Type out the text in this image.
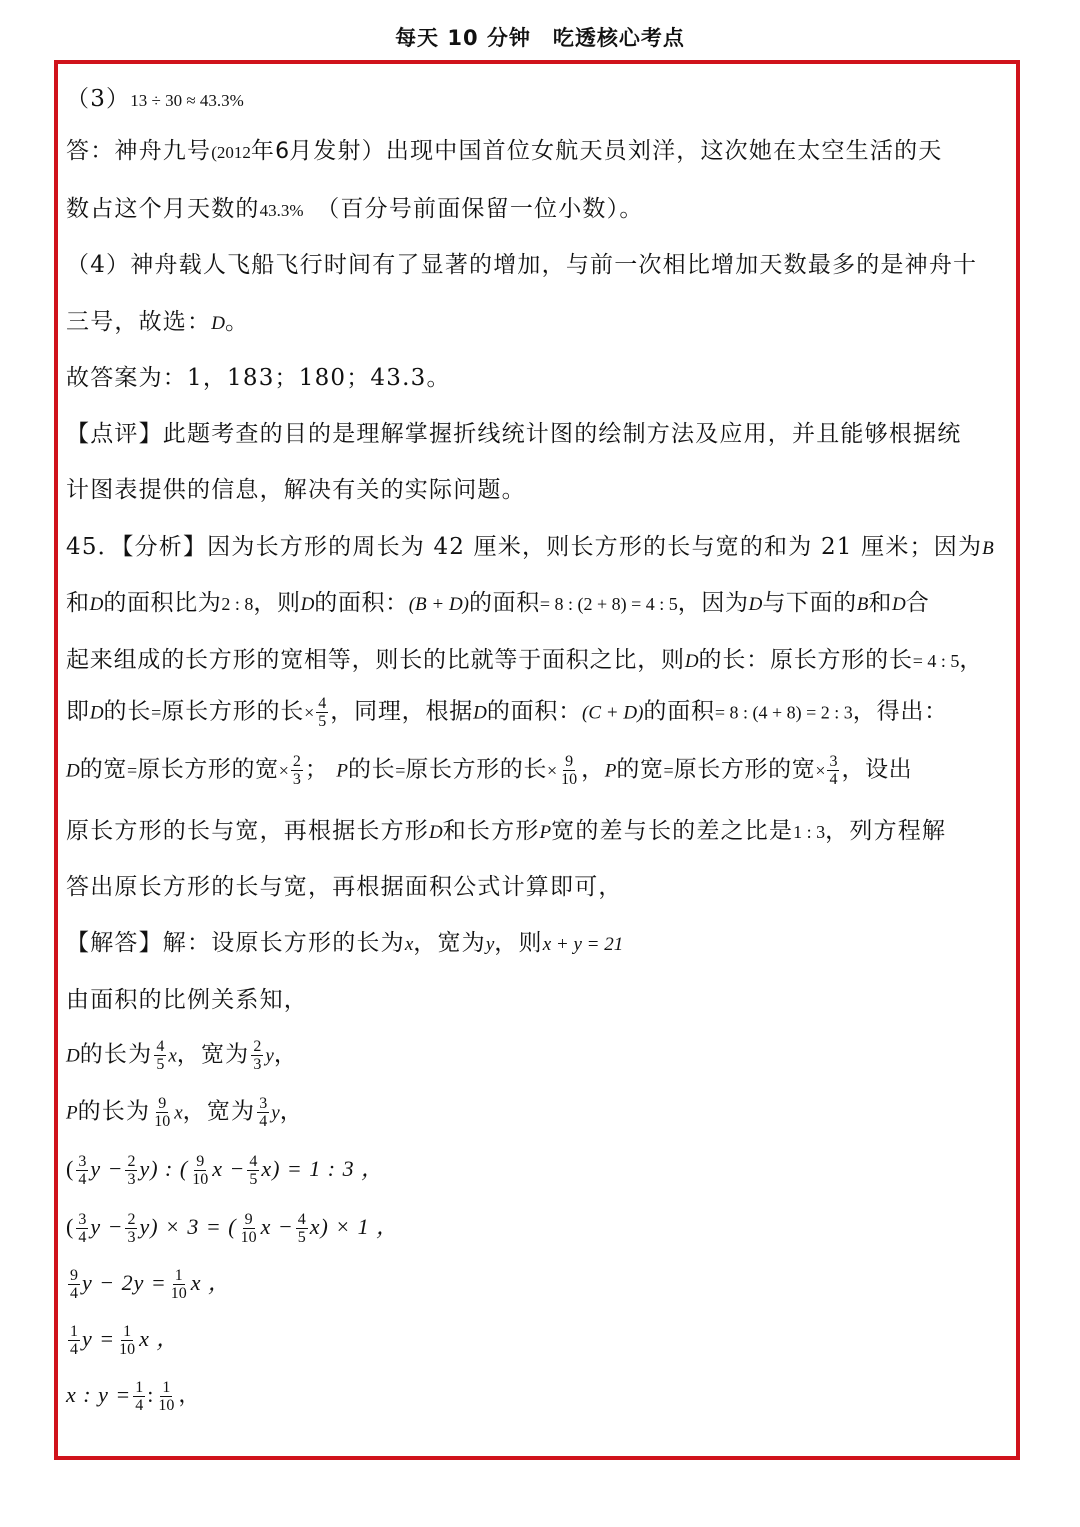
每天 10 分钟　吃透核心考点
（3）13 ÷ 30 ≈ 43.3%
答：神舟九号(2012年6月发射）出现中国首位女航天员刘洋，这次她在太空生活的天
数占这个月天数的43.3%　 （百分号前面保留一位小数）。
（4）神舟载人飞船飞行时间有了显著的增加，与前一次相比增加天数最多的是神舟十
三号，故选：D。
故答案为：1，183；180；43.3。
【点评】此题考查的目的是理解掌握折线统计图的绘制方法及应用，并且能够根据统
计图表提供的信息，解决有关的实际问题。
45．【分析】因为长方形的周长为 42 厘米，则长方形的长与宽的和为 21 厘米；因为B
和D的面积比为2 : 8，则D的面积：(B + D)的面积= 8 : (2 + 8) = 4 : 5，因为D与下面的B和D合
起来组成的长方形的宽相等，则长的比就等于面积之比，则D的长：原长方形的长= 4 : 5，
即D的长=原长方形的长× $\frac{4}{5}$ ，同理，根据D的面积：(C + D)的面积= 8 : (4 + 8) = 2 : 3，得出：
D的宽=原长方形的宽× $\frac{2}{3}$ ； P的长=原长方形的长× $\frac{9}{10}$ ，P的宽=原长方形的宽× $\frac{3}{4}$ ，设出
原长方形的长与宽，再根据长方形D和长方形P宽的差与长的差之比是1 : 3，列方程解
答出原长方形的长与宽，再根据面积公式计算即可，
【解答】解：设原长方形的长为x，宽为y，则x + y = 21
由面积的比例关系知，
D的长为 $\frac{4}{5}$ x，宽为 $\frac{2}{3}$ y，
P的长为 $\frac{9}{10}$ x，宽为 $\frac{3}{4}$ y，
( $\frac{3}{4}$ $y - \frac{2}{3} y$) : ( $\frac{9}{10}$ $x - \frac{4}{5} x) = 1$ : 3 ，
( $\frac{3}{4}$ $y - \frac{2}{3} y) \times 3$ = ( $\frac{9}{10}$ $x - \frac{4}{5} x) \times 1$ ，
$\frac{9}{4}$ $y - 2y = \frac{1}{10}$ x ，
$\frac{1}{4}$ $y = \frac{1}{10}$ x ，
x : $y = \frac{1}{4}$ : $\frac{1}{10}$ ，
